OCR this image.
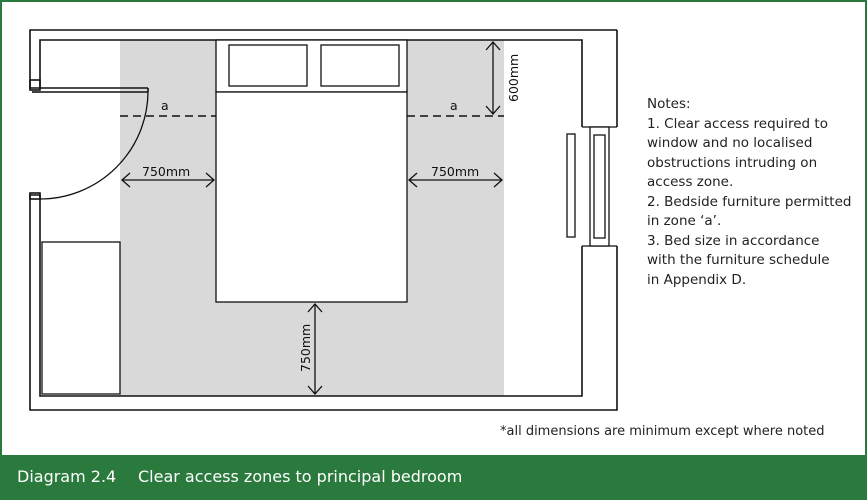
a	a
750mm	750mm
750mm
600mm
Notes:
1. Clear access required to
window and no localised
obstructions intruding on
access zone.
2. Bedside furniture permitted
in zone ‘a’.
3. Bed size in accordance
with the furniture schedule
in Appendix D.
*all dimensions are minimum except where noted
Diagram 2.4 Clear access zones to principal bedroom
